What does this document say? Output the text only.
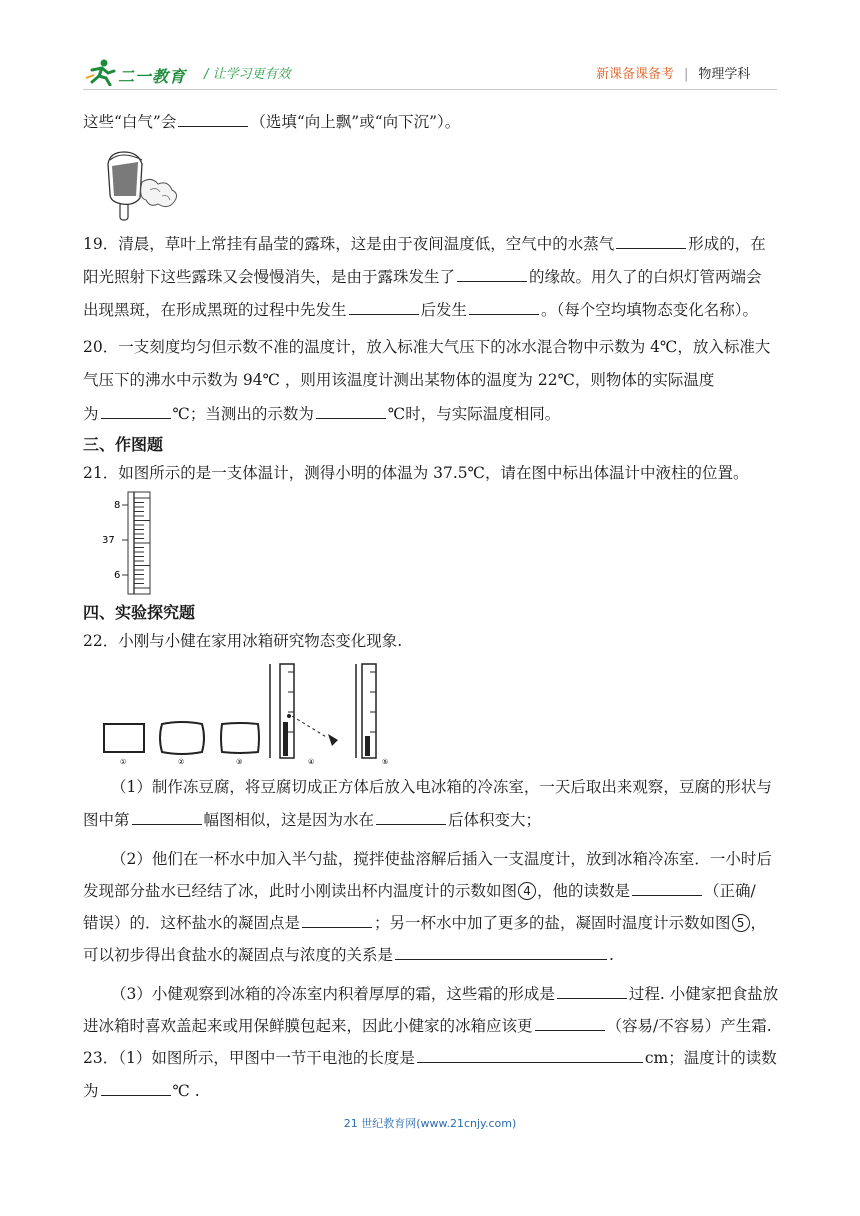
二一教育 / 让学习更有效	新课备课备考 | 物理学科
这些“白气”会	（选填“向上飘”或“向下沉”）。
19．清晨，草叶上常挂有晶莹的露珠，这是由于夜间温度低，空气中的水蒸气	形成的，在
阳光照射下这些露珠又会慢慢消失，是由于露珠发生了	的缘故。用久了的白炽灯管两端会
出现黑斑，在形成黑斑的过程中先发生	后发生	。（每个空均填物态变化名称）。
20．一支刻度均匀但示数不准的温度计，放入标准大气压下的冰水混合物中示数为 4℃，放入标准大
气压下的沸水中示数为 94℃ ，则用该温度计测出某物体的温度为 22℃，则物体的实际温度
为	℃；当测出的示数为	℃时，与实际温度相同。
三、作图题
21．如图所示的是一支体温计，测得小明的体温为 37.5℃，请在图中标出体温计中液柱的位置。
8
37
6
四、实验探究题
22．小刚与小健在家用冰箱研究物态变化现象.
①	②	③	④	⑤
（1）制作冻豆腐，将豆腐切成正方体后放入电冰箱的冷冻室，一天后取出来观察，豆腐的形状与
图中第	幅图相似，这是因为水在	后体积变大；
（2）他们在一杯水中加入半勺盐，搅拌使盐溶解后插入一支温度计，放到冰箱冷冻室．一小时后
发现部分盐水已经结了冰，此时小刚读出杯内温度计的示数如图 4 ，他的读数是	（正确/
错误）的．这杯盐水的凝固点是	；另一杯水中加了更多的盐，凝固时温度计示数如图 5 ，
可以初步得出食盐水的凝固点与浓度的关系是	.
（3）小健观察到冰箱的冷冻室内积着厚厚的霜，这些霜的形成是	过程. 小健家把食盐放
进冰箱时喜欢盖起来或用保鲜膜包起来，因此小健家的冰箱应该更	（容易/不容易）产生霜.
23．（1）如图所示，甲图中一节干电池的长度是	cm；温度计的读数
为	℃ .
21 世纪教育网(www.21cnjy.com)
